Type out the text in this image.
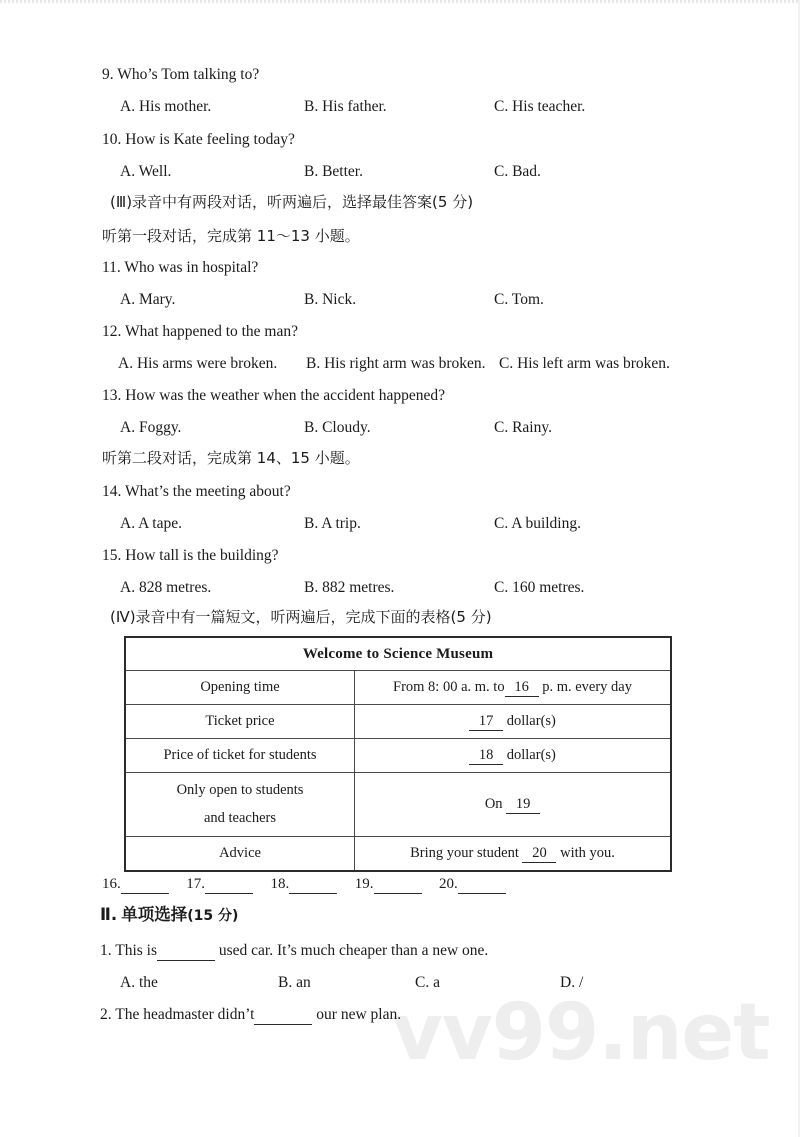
vv99.net
9. Who’s Tom talking to?
A. His mother.	B. His father.	C. His teacher.
10. How is Kate feeling today?
A. Well.	B. Better.	C. Bad.
(Ⅲ)录音中有两段对话，听两遍后，选择最佳答案(5 分)
听第一段对话，完成第 11～13 小题。
11. Who was in hospital?
A. Mary.	B. Nick.	C. Tom.
12. What happened to the man?
A. His arms were broken. B. His right arm was broken. C. His left arm was broken.
13. How was the weather when the accident happened?
A. Foggy.	B. Cloudy.	C. Rainy.
听第二段对话，完成第 14、15 小题。
14. What’s the meeting about?
A. A tape.	B. A trip.	C. A building.
15. How tall is the building?
A. 828 metres.	B. 882 metres.	C. 160 metres.
(Ⅳ)录音中有一篇短文，听两遍后，完成下面的表格(5 分)
16.	17.	18.	19.	20.
Ⅱ. 单项选择(15 分)
1. This is	used car. It’s much cheaper than a new one.
A. the	B. an	C. a	D. /
2. The headmaster didn’t	our new plan.
Welcome to Science Museum	
Opening time	From 8: 00 a. m. to 16 p. m. every day
Ticket price	17 dollar(s)
Price of ticket for students	18 dollar(s)
Only open to students
and teachers	On 19
Advice	Bring your student 20 with you.
